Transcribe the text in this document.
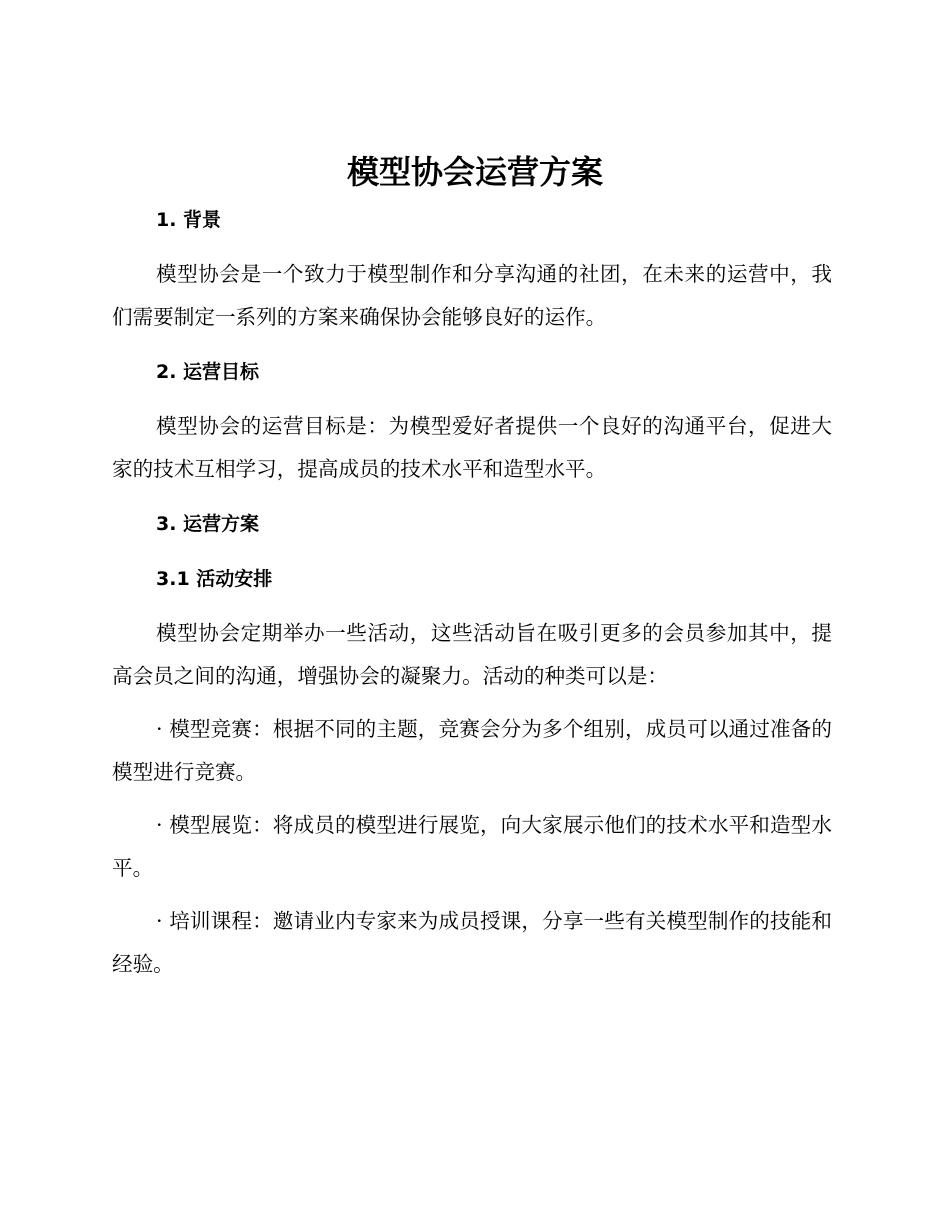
模型协会运营方案
1. 背景

模型协会是一个致力于模型制作和分享沟通的社团，在未来的运营中，我们需要制定一系列的方案来确保协会能够良好的运作。

2. 运营目标

模型协会的运营目标是：为模型爱好者提供一个良好的沟通平台，促进大家的技术互相学习，提高成员的技术水平和造型水平。

3. 运营方案
3.1 活动安排

模型协会定期举办一些活动，这些活动旨在吸引更多的会员参加其中，提高会员之间的沟通，增强协会的凝聚力。活动的种类可以是：

· 模型竞赛：根据不同的主题，竞赛会分为多个组别，成员可以通过准备的模型进行竞赛。

· 模型展览：将成员的模型进行展览，向大家展示他们的技术水平和造型水平。

· 培训课程：邀请业内专家来为成员授课，分享一些有关模型制作的技能和经验。
